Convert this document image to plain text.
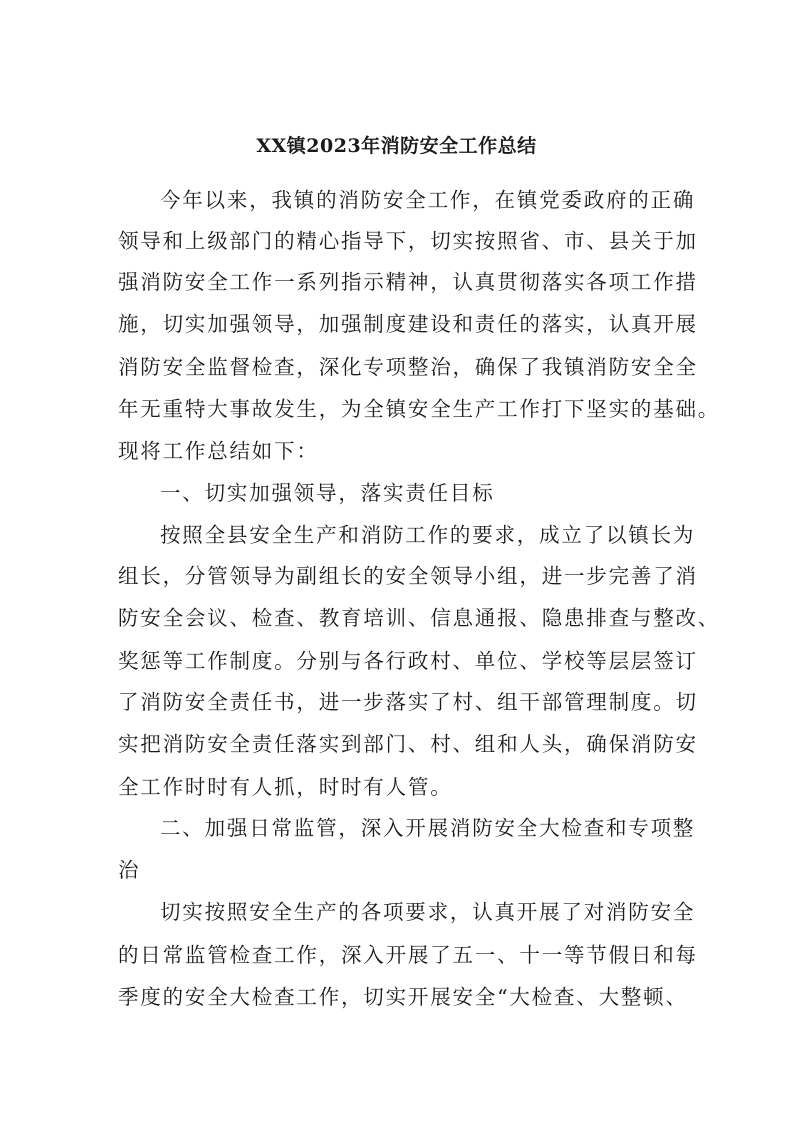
XX镇2023年消防安全工作总结
今年以来，我镇的消防安全工作，在镇党委政府的正确
领导和上级部门的精心指导下，切实按照省、市、县关于加
强消防安全工作一系列指示精神，认真贯彻落实各项工作措
施，切实加强领导，加强制度建设和责任的落实，认真开展
消防安全监督检查，深化专项整治，确保了我镇消防安全全
年无重特大事故发生，为全镇安全生产工作打下坚实的基础。
现将工作总结如下：
一、切实加强领导，落实责任目标
按照全县安全生产和消防工作的要求，成立了以镇长为
组长，分管领导为副组长的安全领导小组，进一步完善了消
防安全会议、检查、教育培训、信息通报、隐患排查与整改、
奖惩等工作制度。分别与各行政村、单位、学校等层层签订
了消防安全责任书，进一步落实了村、组干部管理制度。切
实把消防安全责任落实到部门、村、组和人头，确保消防安
全工作时时有人抓，时时有人管。
二、加强日常监管，深入开展消防安全大检查和专项整
治
切实按照安全生产的各项要求，认真开展了对消防安全
的日常监管检查工作，深入开展了五一、十一等节假日和每
季度的安全大检查工作，切实开展安全“大检查、大整顿、
